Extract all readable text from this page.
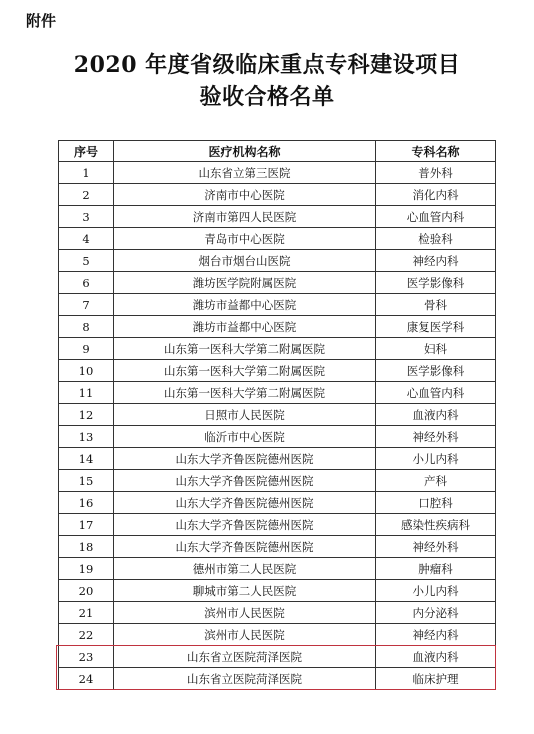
附件
2020 年度省级临床重点专科建设项目
验收合格名单
序号	医疗机构名称	专科名称
1	山东省立第三医院	普外科
2	济南市中心医院	消化内科
3	济南市第四人民医院	心血管内科
4	青岛市中心医院	检验科
5	烟台市烟台山医院	神经内科
6	潍坊医学院附属医院	医学影像科
7	潍坊市益都中心医院	骨科
8	潍坊市益都中心医院	康复医学科
9	山东第一医科大学第二附属医院	妇科
10	山东第一医科大学第二附属医院	医学影像科
11	山东第一医科大学第二附属医院	心血管内科
12	日照市人民医院	血液内科
13	临沂市中心医院	神经外科
14	山东大学齐鲁医院德州医院	小儿内科
15	山东大学齐鲁医院德州医院	产科
16	山东大学齐鲁医院德州医院	口腔科
17	山东大学齐鲁医院德州医院	感染性疾病科
18	山东大学齐鲁医院德州医院	神经外科
19	德州市第二人民医院	肿瘤科
20	聊城市第二人民医院	小儿内科
21	滨州市人民医院	内分泌科
22	滨州市人民医院	神经内科
23	山东省立医院菏泽医院	血液内科
24	山东省立医院菏泽医院	临床护理
